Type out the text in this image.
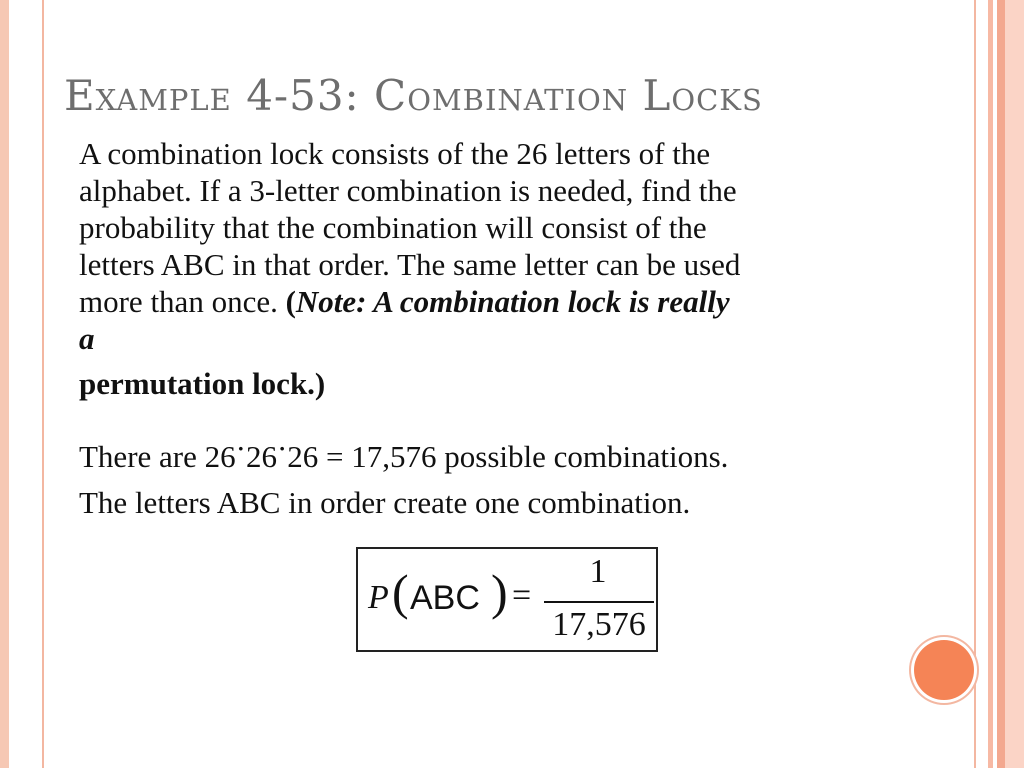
Example 4-53: Combination Locks
A combination lock consists of the 26 letters of the
alphabet. If a 3-letter combination is needed, find the
probability that the combination will consist of the
letters ABC in that order. The same letter can be used
more than once. (Note: A combination lock is really
a
permutation lock.)
There are 26·26·26 = 17,576 possible combinations.
The letters ABC in order create one combination.
P ( ABC ) =
1
17,576
